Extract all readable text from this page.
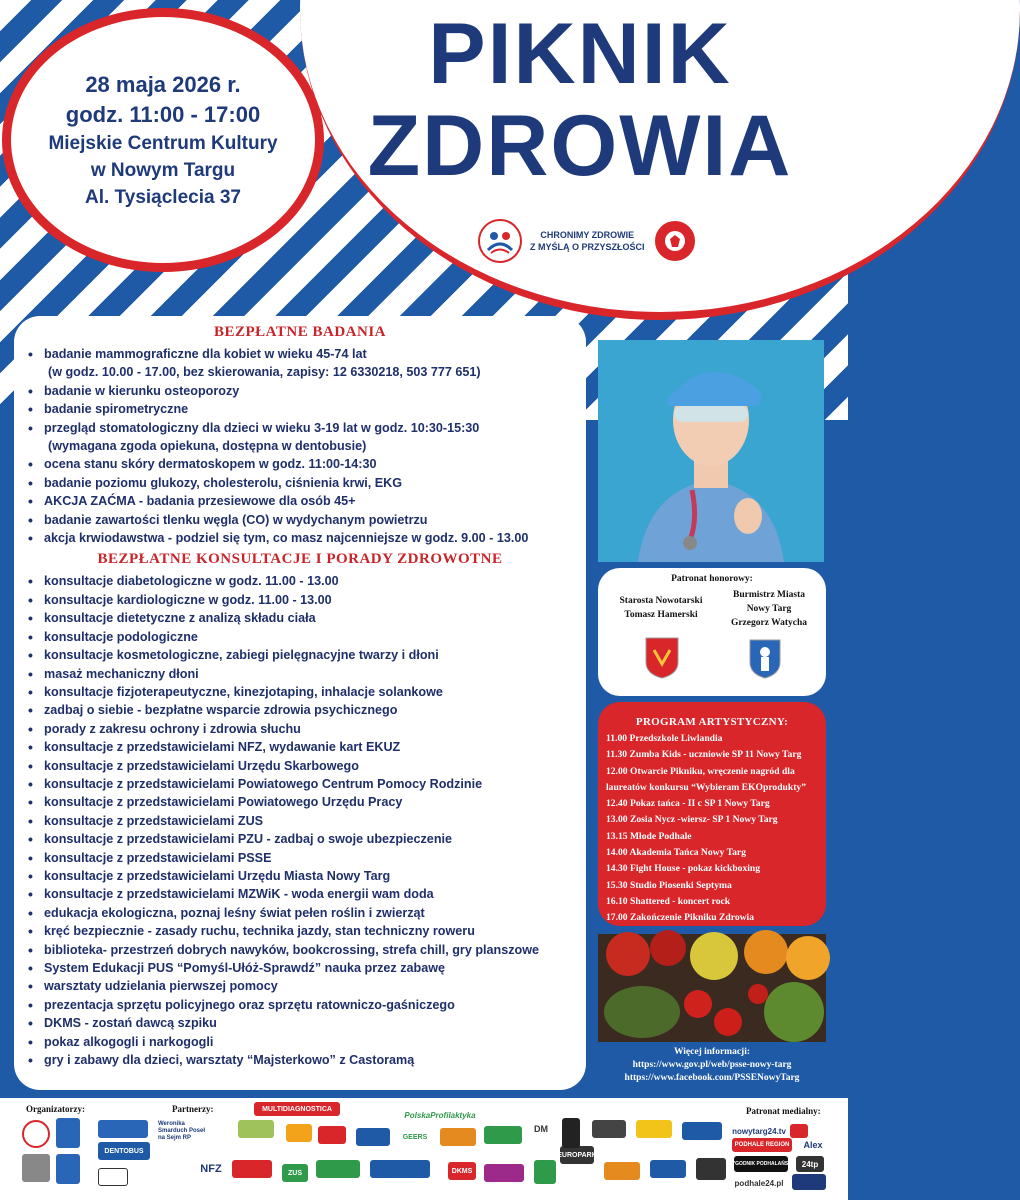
28 maja 2026 r.
godz. 11:00 - 17:00
Miejskie Centrum Kultury
w Nowym Targu
Al. Tysiąclecia 37
PIKNIK
ZDROWIA
CHRONIMY ZDROWIE
Z MYŚLĄ O PRZYSZŁOŚCI
BEZPŁATNE BADANIA
• badanie mammograficzne dla kobiet w wieku 45-74 lat
(w godz. 10.00 - 17.00, bez skierowania, zapisy: 12 6330218, 503 777 651)
• badanie w kierunku osteoporozy
• badanie spirometryczne
• przegląd stomatologiczny dla dzieci w wieku 3-19 lat w godz. 10:30-15:30
(wymagana zgoda opiekuna, dostępna w dentobusie)
• ocena stanu skóry dermatoskopem w godz. 11:00-14:30
• badanie poziomu glukozy, cholesterolu, ciśnienia krwi, EKG
• AKCJA ZAĆMA - badania przesiewowe dla osób 45+
• badanie zawartości tlenku węgla (CO) w wydychanym powietrzu
• akcja krwiodawstwa - podziel się tym, co masz najcenniejsze w godz. 9.00 - 13.00
BEZPŁATNE KONSULTACJE I PORADY ZDROWOTNE
• konsultacje diabetologiczne w godz. 11.00 - 13.00
• konsultacje kardiologiczne w godz. 11.00 - 13.00
• konsultacje dietetyczne z analizą składu ciała
• konsultacje podologiczne
• konsultacje kosmetologiczne, zabiegi pielęgnacyjne twarzy i dłoni
• masaż mechaniczny dłoni
• konsultacje fizjoterapeutyczne, kinezjotaping, inhalacje solankowe
• zadbaj o siebie - bezpłatne wsparcie zdrowia psychicznego
• porady z zakresu ochrony i zdrowia słuchu
• konsultacje z przedstawicielami NFZ, wydawanie kart EKUZ
• konsultacje z przedstawicielami Urzędu Skarbowego
• konsultacje z przedstawicielami Powiatowego Centrum Pomocy Rodzinie
• konsultacje z przedstawicielami Powiatowego Urzędu Pracy
• konsultacje z przedstawicielami ZUS
• konsultacje z przedstawicielami PZU - zadbaj o swoje ubezpieczenie
• konsultacje z przedstawicielami PSSE
• konsultacje z przedstawicielami Urzędu Miasta Nowy Targ
• konsultacje z przedstawicielami MZWiK - woda energii wam doda
• edukacja ekologiczna, poznaj leśny świat pełen roślin i zwierząt
• kręć bezpiecznie - zasady ruchu, technika jazdy, stan techniczny roweru
• biblioteka- przestrzeń dobrych nawyków, bookcrossing, strefa chill, gry planszowe
• System Edukacji PUS “Pomyśl-Ułóż-Sprawdź” nauka przez zabawę
• warsztaty udzielania pierwszej pomocy
• prezentacja sprzętu policyjnego oraz sprzętu ratowniczo-gaśniczego
• DKMS - zostań dawcą szpiku
• pokaz alkogogli i narkogogli
• gry i zabawy dla dzieci, warsztaty “Majsterkowo” z Castoramą
Patronat honorowy:
Starosta Nowotarski
Tomasz Hamerski
Burmistrz Miasta
Nowy Targ
Grzegorz Watycha
PROGRAM ARTYSTYCZNY:

11.00 Przedszkole Liwlandia

11.30 Zumba Kids - uczniowie SP 11 Nowy Targ

12.00 Otwarcie Pikniku, wręczenie nagród dla

laureatów konkursu “Wybieram EKOprodukty”

12.40 Pokaz tańca - II c SP 1 Nowy Targ

13.00 Zosia Nycz -wiersz- SP 1 Nowy Targ

13.15 Młode Podhale

14.00 Akademia Tańca Nowy Targ

14.30 Fight House - pokaz kickboxing

15.30 Studio Piosenki Septyma

16.10 Shattered - koncert rock

17.00 Zakończenie Pikniku Zdrowia

Więcej informacji:
https://www.gov.pl/web/psse-nowy-targ
https://www.facebook.com/PSSENowyTarg
Organizatorzy:	Partnerzy:	Patronat medialny:
Weronika Smarduch Poseł na Sejm RP
DENTOBUS
NFZ	ZUS
MULTIDIAGNOSTICA
PolskaProfilaktyka
GEERS
DM
EUROPARK
DKMS
nowytarg24.tv
PODHALE REGION	Alex
TYGODNIK PODHALAŃSKI	24tp
podhale24.pl
